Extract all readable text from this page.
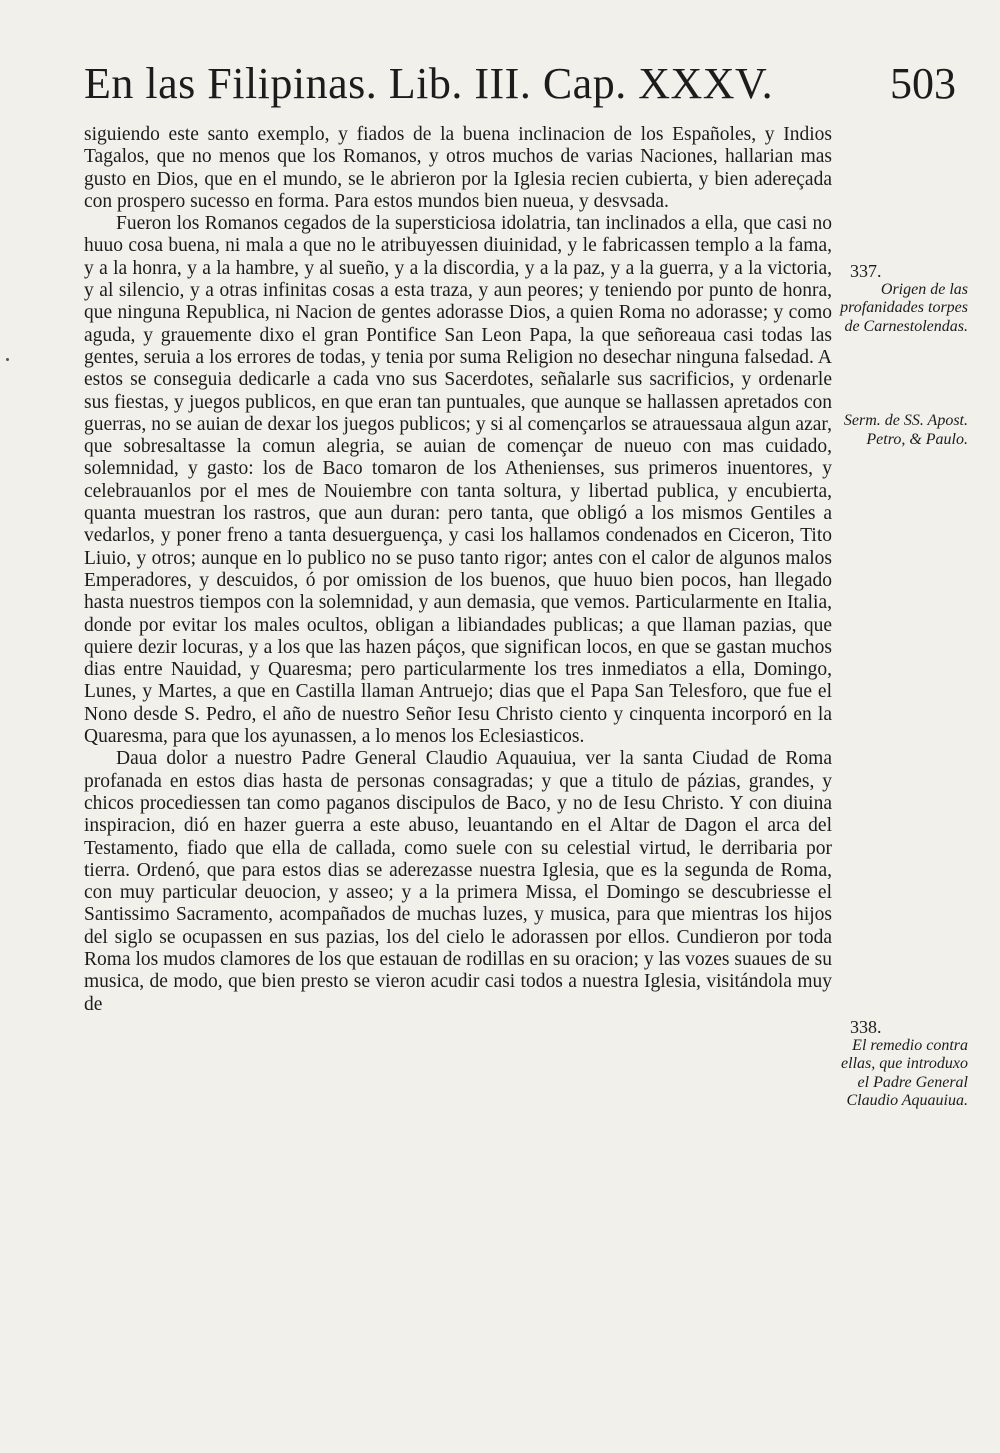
En las Filipinas. Lib. III. Cap. XXXV.	503

siguiendo este santo exemplo, y fiados de la buena inclinacion de los Españoles, y Indios Tagalos, que no menos que los Romanos, y otros muchos de varias Naciones, hallarian mas gusto en Dios, que en el mundo, se le abrieron por la Iglesia recien cubierta, y bien adereçada con prospero sucesso en forma. Para estos mundos bien nueua, y desvsada.

Fueron los Romanos cegados de la supersticiosa idolatria, tan inclinados a ella, que casi no huuo cosa buena, ni mala a que no le atribuyessen diuinidad, y le fabricassen templo a la fama, y a la honra, y a la hambre, y al sueño, y a la discordia, y a la paz, y a la guerra, y a la victoria, y al silencio, y a otras infinitas cosas a esta traza, y aun peores; y teniendo por punto de honra, que ninguna Republica, ni Nacion de gentes adorasse Dios, a quien Roma no adorasse; y como aguda, y grauemente dixo el gran Pontifice San Leon Papa, la que señoreaua casi todas las gentes, seruia a los errores de todas, y tenia por suma Religion no desechar ninguna falsedad. A estos se conseguia dedicarle a cada vno sus Sacerdotes, señalarle sus sacrificios, y ordenarle sus fiestas, y juegos publicos, en que eran tan puntuales, que aunque se hallassen apretados con guerras, no se auian de dexar los juegos publicos; y si al començarlos se atrauessaua algun azar, que sobresaltasse la comun alegria, se auian de començar de nueuo con mas cuidado, solemnidad, y gasto: los de Baco tomaron de los Athenienses, sus primeros inuentores, y celebrauanlos por el mes de Nouiembre con tanta soltura, y libertad publica, y encubierta, quanta muestran los rastros, que aun duran: pero tanta, que obligó a los mismos Gentiles a vedarlos, y poner freno a tanta desuerguença, y casi los hallamos condenados en Ciceron, Tito Liuio, y otros; aunque en lo publico no se puso tanto rigor; antes con el calor de algunos malos Emperadores, y descuidos, ó por omission de los buenos, que huuo bien pocos, han llegado hasta nuestros tiempos con la solemnidad, y aun demasia, que vemos. Particularmente en Italia, donde por evitar los males ocultos, obligan a libiandades publicas; a que llaman pazias, que quiere dezir locuras, y a los que las hazen páços, que significan locos, en que se gastan muchos dias entre Nauidad, y Quaresma; pero particularmente los tres inmediatos a ella, Domingo, Lunes, y Martes, a que en Castilla llaman Antruejo; dias que el Papa San Telesforo, que fue el Nono desde S. Pedro, el año de nuestro Señor Iesu Christo ciento y cinquenta incorporó en la Quaresma, para que los ayunassen, a lo menos los Eclesiasticos.

Daua dolor a nuestro Padre General Claudio Aquauiua, ver la santa Ciudad de Roma profanada en estos dias hasta de personas consagradas; y que a titulo de pázias, grandes, y chicos procediessen tan como paganos discipulos de Baco, y no de Iesu Christo. Y con diuina inspiracion, dió en hazer guerra a este abuso, leuantando en el Altar de Dagon el arca del Testamento, fiado que ella de callada, como suele con su celestial virtud, le derribaria por tierra. Ordenó, que para estos dias se aderezasse nuestra Iglesia, que es la segunda de Roma, con muy particular deuocion, y asseo; y a la primera Missa, el Domingo se descubriesse el Santissimo Sacramento, acompañados de muchas luzes, y musica, para que mientras los hijos del siglo se ocupassen en sus pazias, los del cielo le adorassen por ellos. Cundieron por toda Roma los mudos clamores de los que estauan de rodillas en su oracion; y las vozes suaues de su musica, de modo, que bien presto se vieron acudir casi todos a nuestra Iglesia, visitándola muy de

337.
Origen de las profanidades torpes de Carnestolendas.
Serm. de SS. Apost. Petro, & Paulo.
338.
El remedio contra ellas, que introduxo el Padre General Claudio Aquauiua.
